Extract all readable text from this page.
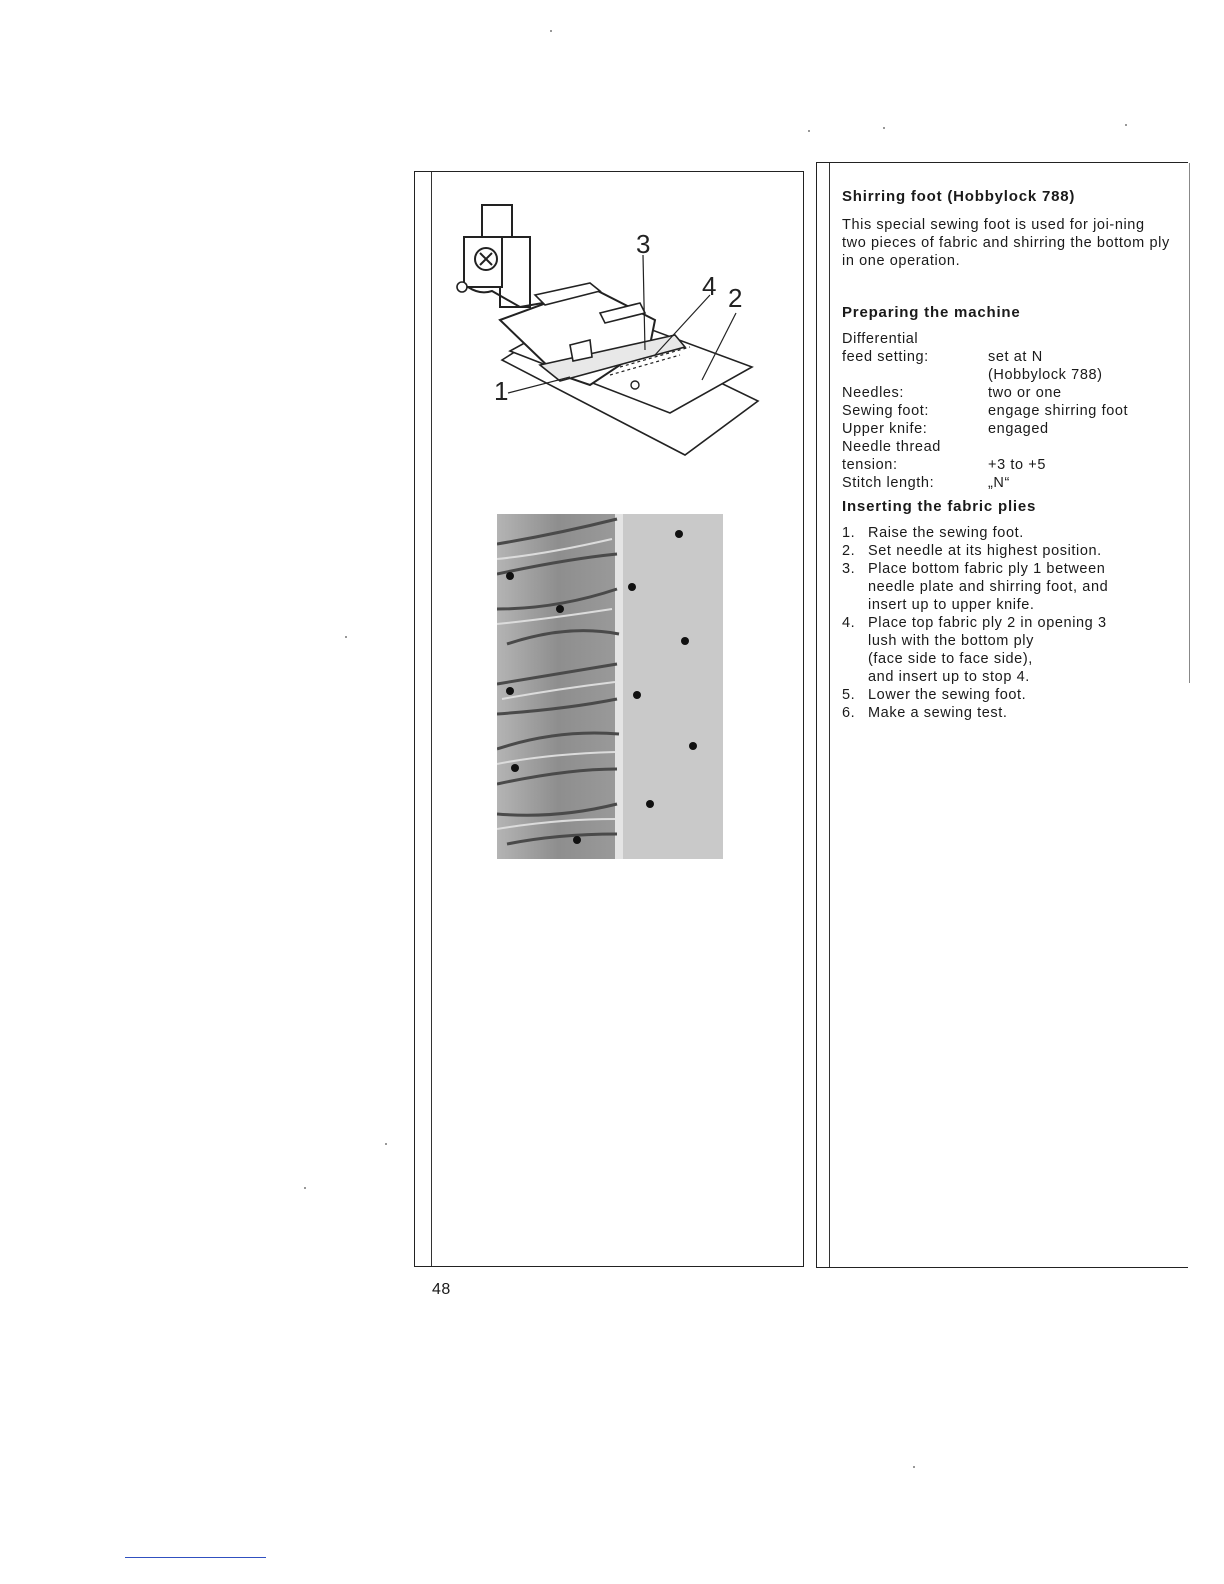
3
4 2
1
Shirring foot (Hobbylock 788)

This special sewing foot is used for joi-ning two pieces of fabric and shirring the bottom ply in one operation.

Preparing the machine
Differential
feed setting:	set at N
(Hobbylock 788)
Needles:	two or one
Sewing foot:	engage shirring foot
Upper knife:	engaged
Needle thread
tension:	+3 to +5
Stitch length:	„N“
Inserting the fabric plies
1. Raise the sewing foot.
2. Set needle at its highest position.
3. Place bottom fabric ply 1 between
needle plate and shirring foot, and
insert up to upper knife.
4. Place top fabric ply 2 in opening 3
lush with the bottom ply
(face side to face side),
and insert up to stop 4.
5. Lower the sewing foot.
6. Make a sewing test.
48
